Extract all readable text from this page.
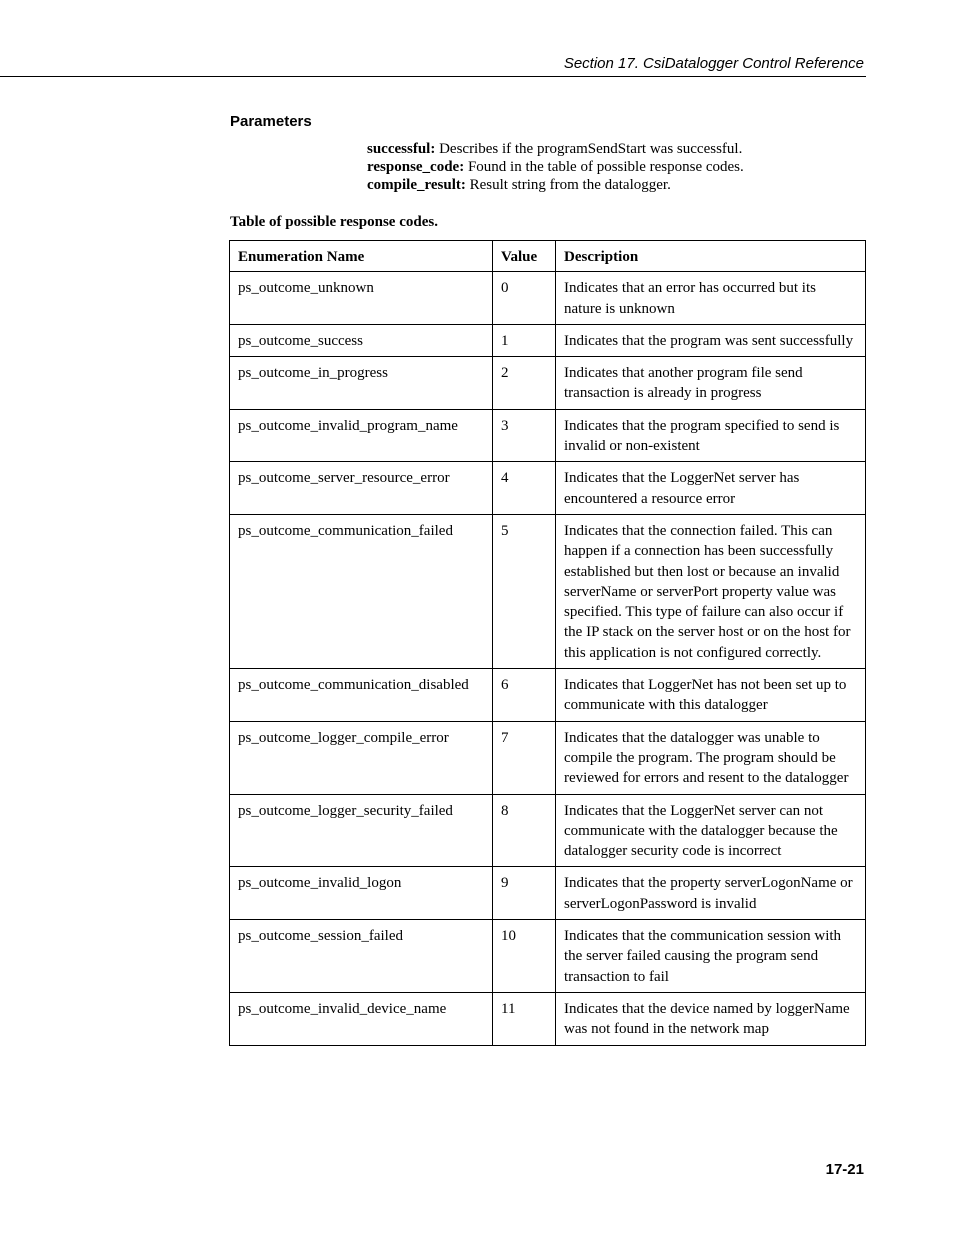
Section 17. CsiDatalogger Control Reference
Parameters
successful: Describes if the programSendStart was successful.
response_code: Found in the table of possible response codes.
compile_result: Result string from the datalogger.
Table of possible response codes.
Enumeration Name	Value	Description
ps_outcome_unknown	0	Indicates that an error has occurred but its nature is unknown
ps_outcome_success	1	Indicates that the program was sent successfully
ps_outcome_in_progress	2	Indicates that another program file send transaction is already in progress
ps_outcome_invalid_program_name	3	Indicates that the program specified to send is invalid or non-existent
ps_outcome_server_resource_error	4	Indicates that the LoggerNet server has encountered a resource error
ps_outcome_communication_failed	5	Indicates that the connection failed. This can happen if a connection has been successfully established but then lost or because an invalid serverName or serverPort property value was specified. This type of failure can also occur if the IP stack on the server host or on the host for this application is not configured correctly.
ps_outcome_communication_disabled	6	Indicates that LoggerNet has not been set up to communicate with this datalogger
ps_outcome_logger_compile_error	7	Indicates that the datalogger was unable to compile the program. The program should be reviewed for errors and resent to the datalogger
ps_outcome_logger_security_failed	8	Indicates that the LoggerNet server can not communicate with the datalogger because the datalogger security code is incorrect
ps_outcome_invalid_logon	9	Indicates that the property serverLogonName or serverLogonPassword is invalid
ps_outcome_session_failed	10	Indicates that the communication session with the server failed causing the program send transaction to fail
ps_outcome_invalid_device_name	11	Indicates that the device named by loggerName was not found in the network map
17-21
